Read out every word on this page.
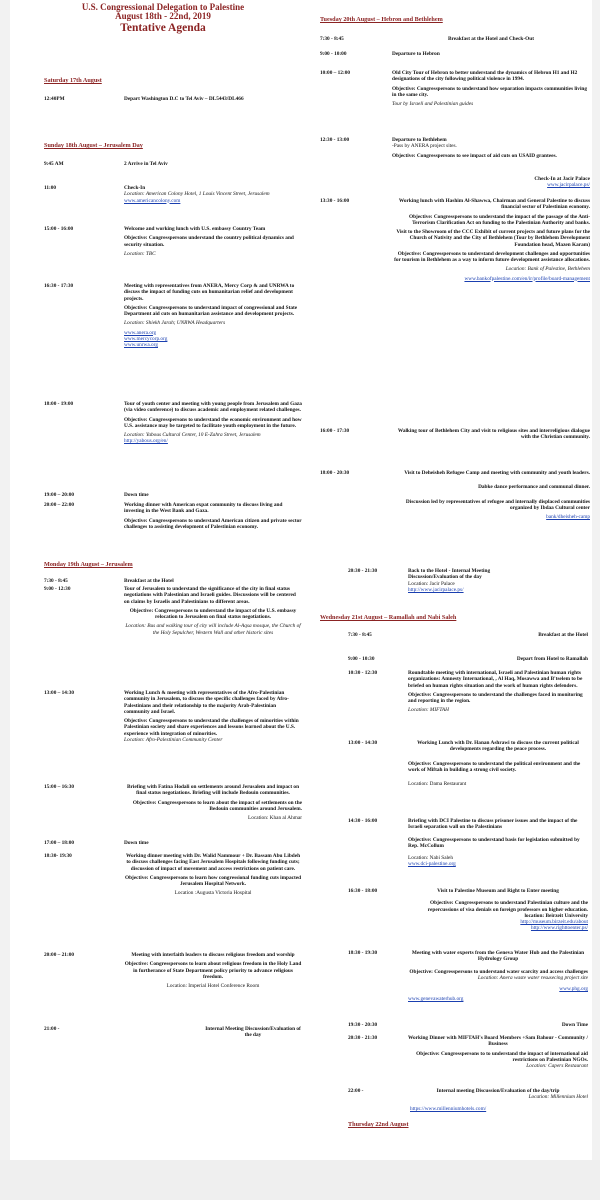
U.S. Congressional Delegation to Palestine
August 18th - 22nd, 2019
Tentative Agenda
Saturday 17th August
12:40PM	Depart Washington D.C to Tel Aviv – DL5443/DL466
Sunday 18th August – Jerusalem Day
9:45 AM	2 Arrive in Tel Aviv
11:00	Check-In
Location: American Colony Hotel, 1 Louis Vincent Street, Jerusalem
www.americancolony.com
15:00 - 16:00	Welcome and working lunch with U.S. embassy Country Team
Objective: Congresspersons understand the country political dynamics and security situation.
Location: TBC
16:30 - 17:30	Meeting with representatives from ANERA, Mercy Corp & and UNRWA to discuss the impact of funding cuts on humanitarian relief and development projects.
Objective: Congresspersons to understand impact of congressional and State Department aid cuts on humanitarian assistance and development projects.
Location: Shiekh Jarah; UNRWA Headquarters
www.anera.org
www.mercycorp.org
www.unrwa.org
18:00 - 19:00	Tour of youth center and meeting with young people from Jerusalem and Gaza (via video conference) to discuss academic and employment related challenges.
Objective: Congresspersons to understand the economic environment and how U.S. assistance may be targeted to facilitate youth employment in the future.
Location: Yabous Cultural Center, 10 E-Zahra Street, Jerusalem
http://yabous.org/en/
19:00 – 20:00	Down time
20:00 – 22:00	Working dinner with American expat community to discuss living and investing in the West Bank and Gaza.
Objective: Congresspersons to understand American citizen and private sector challenges to assisting development of Palestinian economy.
Monday 19th August – Jerusalem
7:30 - 8:45	Breakfast at the Hotel
9:00 - 12:30	Tour of Jerusalem to understand the significance of the city in final status negotiations with Palestinian and Israeli guides. Discussions will be centered on claims by Israelis and Palestinians to different areas.
Objective: Congresspersons to understand the impact of the U.S. embassy relocation to Jerusalem on final status negotiations.
Location: Bus and walking tour of city will include Al-Aqsa mosque, the Church of the Holy Sepulcher, Western Wall and other historic sites
13:00 – 14:30	Working Lunch & meeting with representatives of the Afro-Palestinian community in Jerusalem, to discuss the specific challenges faced by Afro-Palestinians and their relationship to the majority Arab-Palestinian community and Israel.
Objective: Congresspersons to understand the challenges of minorities within Palestinian society and share experiences and lessons learned about the U.S. experience with integration of minorities.
Location: Afro-Palestinian Community Center
15:00 – 16:30	Briefing with Fatina Hodali on settlements around Jerusalem and impact on final status negotiations. Briefing will include Bedouin communities.
Objective: Congresspersons to learn about the impact of settlements on the Bedouin communities around Jerusalem.
Location: Khan al Ahmar
17:00 – 18:00	Down time
18:30- 19:30	Working dinner meeting with Dr. Walid Nammour + Dr. Bassam Abu Libdeh to discuss challenges facing East Jerusalem Hospitals following funding cuts; discussion of impact of movement and access restrictions on patient care.
Objective: Congresspersons to learn how congressional funding cuts impacted Jerusalem Hospital Network.
Location :Augusta Victoria Hospital
20:00 – 21:00	Meeting with interfaith leaders to discuss religious freedom and worship
Objective: Congresspersons to learn about religious freedom in the Holy Land in furtherance of State Department policy priority to advance religious freedom.
Location: Imperial Hotel Conference Room
21:00 -	Internal Meeting Discussion/Evaluation of the day
Tuesday 20th August – Hebron and Bethlehem
7:30 - 8:45	Breakfast at the Hotel and Check-Out
9:00 - 10:00	Departure to Hebron
10:00 – 12:00	Old City Tour of Hebron to better understand the dynamics of Hebron H1 and H2 designations of the city following political violence in 1994.
Objective: Congresspersons to understand how separation impacts communities living in the same city.
Tour by Israeli and Palestinian guides
12:30 - 13:00	Departure to Bethlehem
-Pass by ANERA project sites.
Objective: Congresspersons to see impact of aid cuts on USAID grantees.
Check-In at Jacir Palace
www.jacirpalace.ps/
13:30 - 16:00	Working lunch with Hashim Al-Shawwa, Chairman and General Palestine to discuss financial sector of Palestinian economy.
Objective: Congresspersons to understand the impact of the passage of the Anti-Terrorism Clarification Act on funding to the Palestinian Authority and banks.
Visit to the Showroom of the CCC Exhibit of current projects and future plans for the Church of Nativity and the City of Bethlehem (Tour by Bethlehem Development Foundation head, Mazen Karam)
Objective: Congresspersons to understand development challenges and opportunities for tourism in Bethlehem as a way to inform future development assistance allocations.
Location: Bank of Palestine, Bethlehem
www.bankofpalestine.com/en/ir/profile/board-management
16:00 - 17:30	Walking tour of Bethlehem City and visit to religious sites and interreligious dialogue with the Christian community.
18:00 - 20:30	Visit to Deheisheh Refugee Camp and meeting with community and youth leaders.
Dabke dance performance and communal dinner.
Discussion led by representatives of refugee and internally displaced communities organized by Ibdaa Cultural center
bank/dheisheh-camp
20:30 - 21:30	Back to the Hotel - Internal Meeting Discussion/Evaluation of the day
Location: Jacir Palace
http://www.jacirpalace.ps/
Wednesday 21st August – Ramallah and Nabi Saleh
7:30 - 8:45	Breakfast at the Hotel
9:00 - 10:30	Depart from Hotel to Ramallah
10:30 - 12:30	Roundtable meeting with international, Israeli and Palestinian human rights organizations: Amnesty International, , Al Haq, Mosawwa and B'tselem to be briefed on human rights situation and the work of human rights defenders.
Objective: Congresspersons to understand the challenges faced in monitoring and reporting in the region.
Location: MIFTAH
13:00 - 14:30	Working Lunch with Dr. Hanan Ashrawi to discuss the current political developments regarding the peace process.
Objective: Congresspersons to understand the political environment and the work of Miftah in building a strong civil society.
Location: Dama Restaurant
14:30 - 16:00	Briefing with DCI Palestine to discuss prisoner issues and the impact of the Israeli separation wall on the Palestinians
Objective: Congresspersons to understand basis for legislation submitted by Rep. McCollum
Location: Nabi Saleh
www.dci-palestine.org
16:30 - 18:00	Visit to Palestine Museum and Right to Enter meeting
Objective: Congresspersons to understand Palestinian culture and the repercussions of visa denials on foreign professors on higher education.
location: Beirzeit University
http://museum.birzeit.edu/about
http://www.righttoenter.ps/
18:30 - 19:30	Meeting with water experts from the Geneva Water Hub and the Palestinian Hydrology Group
Objective: Congresspersons to understand water scarcity and access challenges
Location: Anera waste water resusecing project site
www.phg.org
www.genevawaterhub.org
19:30 - 20:30	Down Time
20:30 - 21:30	Working Dinner with MIFTAH's Board Members +Sam Bahour - Community / Business
Objective: Congresspersons to to understand the impact of international aid restrictions on Palestinian NGOs.
Location: Capers Restaurant
22:00 -	Internal meeting Discussion/Evaluation of the day/trip
Location: Millennium Hotel
https://www.millenniumhotels.com/
Thursday 22nd August
